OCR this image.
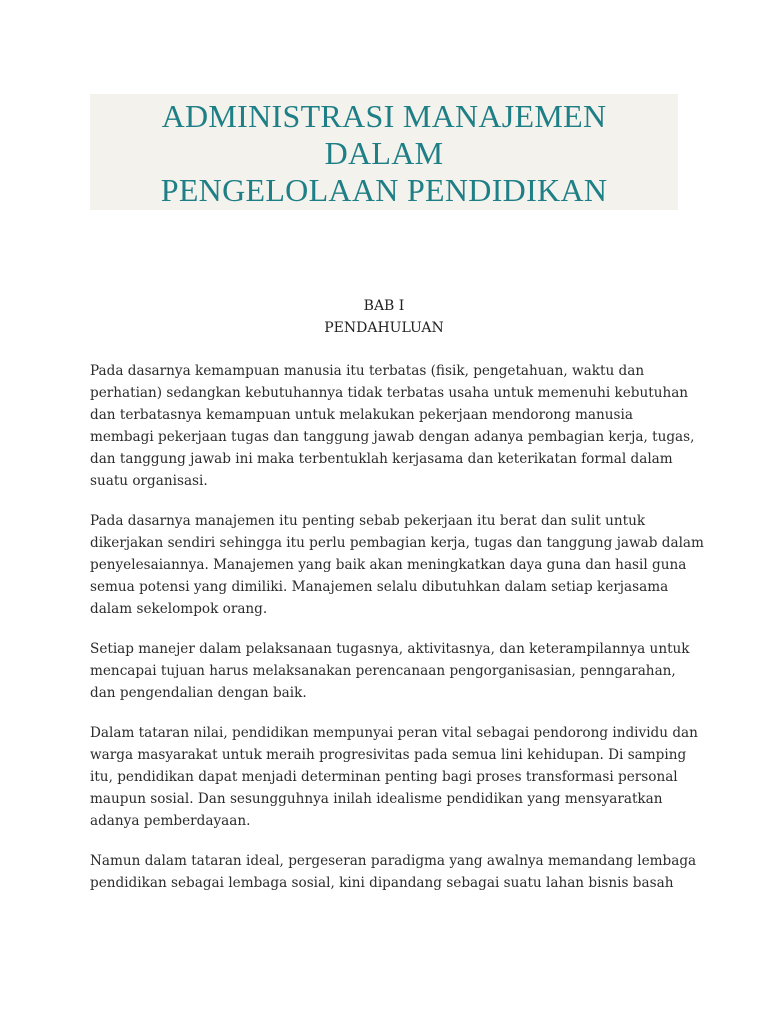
ADMINISTRASI MANAJEMEN
DALAM
PENGELOLAAN PENDIDIKAN
BAB I
PENDAHULUAN

Pada dasarnya kemampuan manusia itu terbatas (fisik, pengetahuan, waktu dan
perhatian) sedangkan kebutuhannya tidak terbatas usaha untuk memenuhi kebutuhan
dan terbatasnya kemampuan untuk melakukan pekerjaan mendorong manusia
membagi pekerjaan tugas dan tanggung jawab dengan adanya pembagian kerja, tugas,
dan tanggung jawab ini maka terbentuklah kerjasama dan keterikatan formal dalam
suatu organisasi.

Pada dasarnya manajemen itu penting sebab pekerjaan itu berat dan sulit untuk
dikerjakan sendiri sehingga itu perlu pembagian kerja, tugas dan tanggung jawab dalam
penyelesaiannya. Manajemen yang baik akan meningkatkan daya guna dan hasil guna
semua potensi yang dimiliki. Manajemen selalu dibutuhkan dalam setiap kerjasama
dalam sekelompok orang.

Setiap manejer dalam pelaksanaan tugasnya, aktivitasnya, dan keterampilannya untuk
mencapai tujuan harus melaksanakan perencanaan pengorganisasian, penngarahan,
dan pengendalian dengan baik.

Dalam tataran nilai, pendidikan mempunyai peran vital sebagai pendorong individu dan
warga masyarakat untuk meraih progresivitas pada semua lini kehidupan. Di samping
itu, pendidikan dapat menjadi determinan penting bagi proses transformasi personal
maupun sosial. Dan sesungguhnya inilah idealisme pendidikan yang mensyaratkan
adanya pemberdayaan.

Namun dalam tataran ideal, pergeseran paradigma yang awalnya memandang lembaga
pendidikan sebagai lembaga sosial, kini dipandang sebagai suatu lahan bisnis basah
